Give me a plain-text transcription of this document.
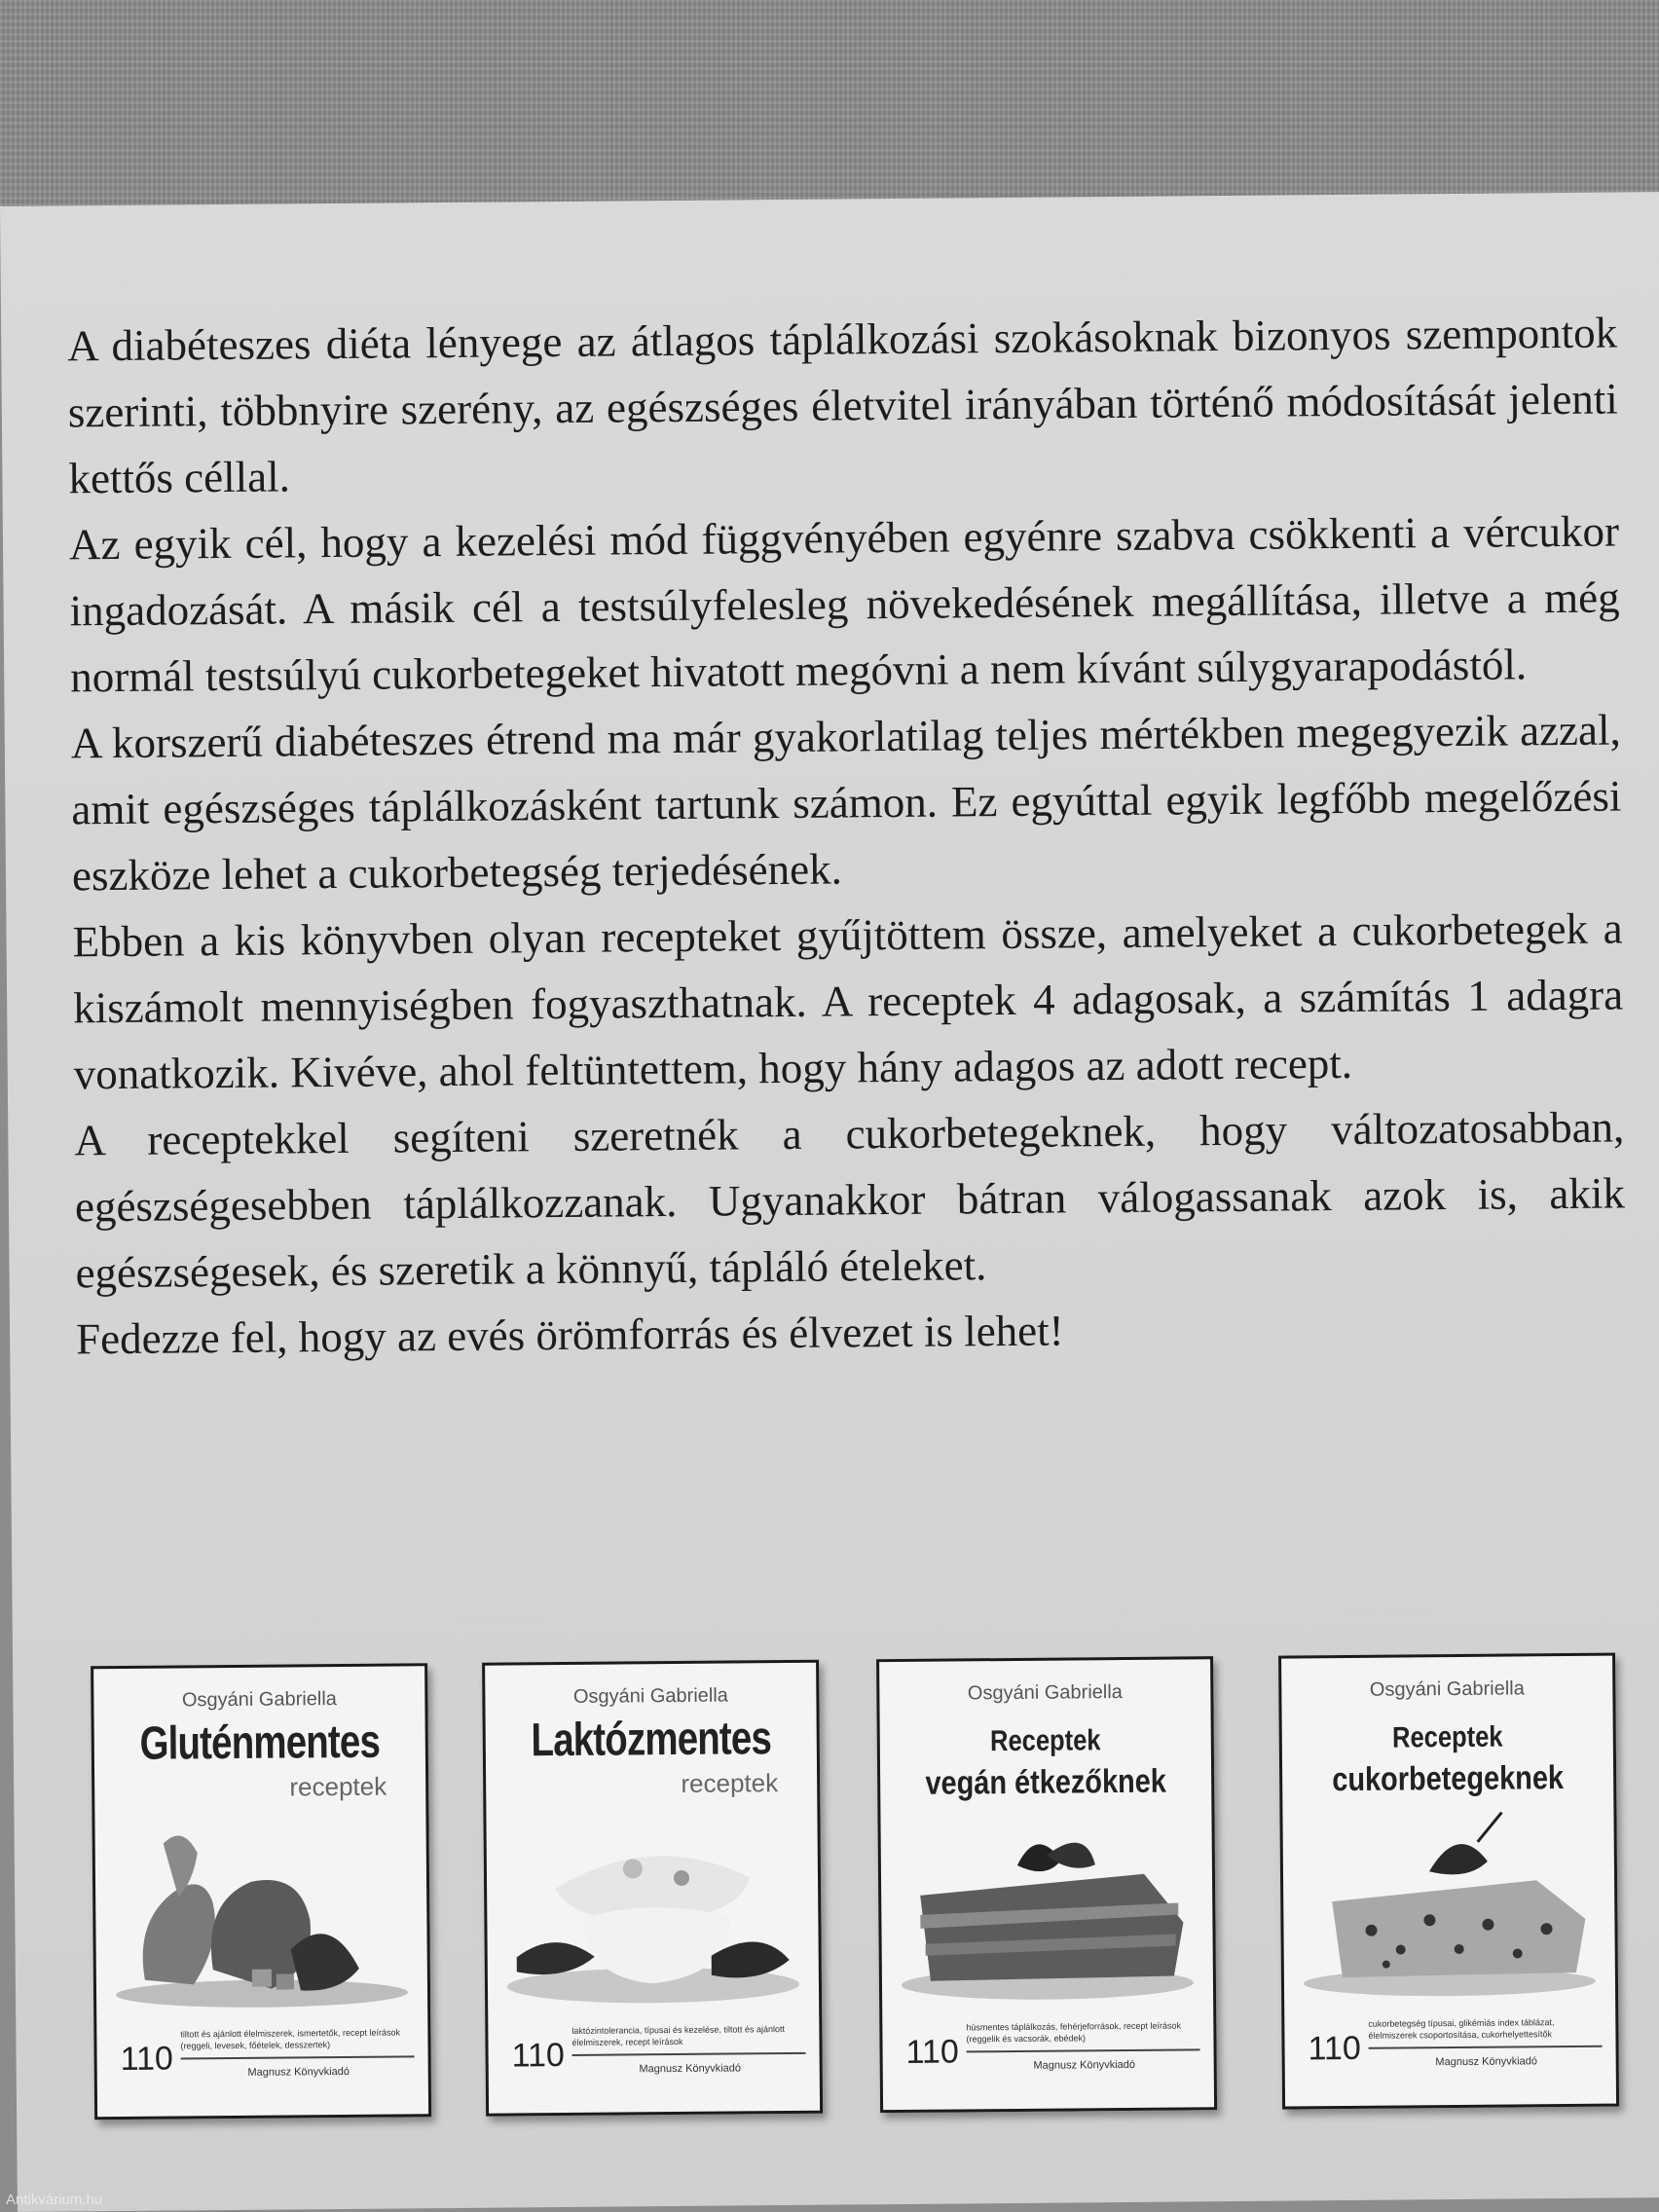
A diabéteszes diéta lényege az átlagos táplálkozási szokásoknak bizonyos szempontok szerinti, többnyire szerény, az egészséges életvitel irányában történő módosítását jelenti kettős céllal.

Az egyik cél, hogy a kezelési mód függvényében egyénre szabva csökkenti a vércukor ingadozását. A másik cél a testsúlyfelesleg növekedésének megállítása, illetve a még normál testsúlyú cukorbetegeket hivatott megóvni a nem kívánt súlygyarapodástól.

A korszerű diabéteszes étrend ma már gyakorlatilag teljes mértékben megegyezik azzal, amit egészséges táplálkozásként tartunk számon. Ez egyúttal egyik legfőbb megelőzési eszköze lehet a cukorbetegség terjedésének.

Ebben a kis könyvben olyan recepteket gyűjtöttem össze, amelyeket a cukorbetegek a kiszámolt mennyiségben fogyaszthatnak. A receptek 4 adagosak, a számítás 1 adagra vonatkozik. Kivéve, ahol feltüntettem, hogy hány adagos az adott recept.

A receptekkel segíteni szeretnék a cukorbetegeknek, hogy változatosabban, egészségesebben táplálkozzanak. Ugyanakkor bátran válogassanak azok is, akik egészségesek, és szeretik a könnyű, tápláló ételeket.

Fedezze fel, hogy az evés örömforrás és élvezet is lehet!

Osgyáni Gabriella
Gluténmentes
receptek
tiltott és ajánlott élelmiszerek, ismertetők, recept leírások (reggeli, levesek, főételek, desszertek)
110	Magnusz Könyvkiadó
Osgyáni Gabriella
Laktózmentes
receptek
laktózintolerancia, típusai és kezelése, tiltott és ajánlott élelmiszerek, recept leírások
110	Magnusz Könyvkiadó
Osgyáni Gabriella
Receptek
vegán étkezőknek
húsmentes táplálkozás, fehérjeforrások, recept leírások (reggelik és vacsorák, ebédek)
110	Magnusz Könyvkiadó
Osgyáni Gabriella
Receptek
cukorbetegeknek
cukorbetegség típusai, glikémiás index táblázat, élelmiszerek csoportosítása, cukorhelyettesítők
110	Magnusz Könyvkiadó
Antikvárium.hu
